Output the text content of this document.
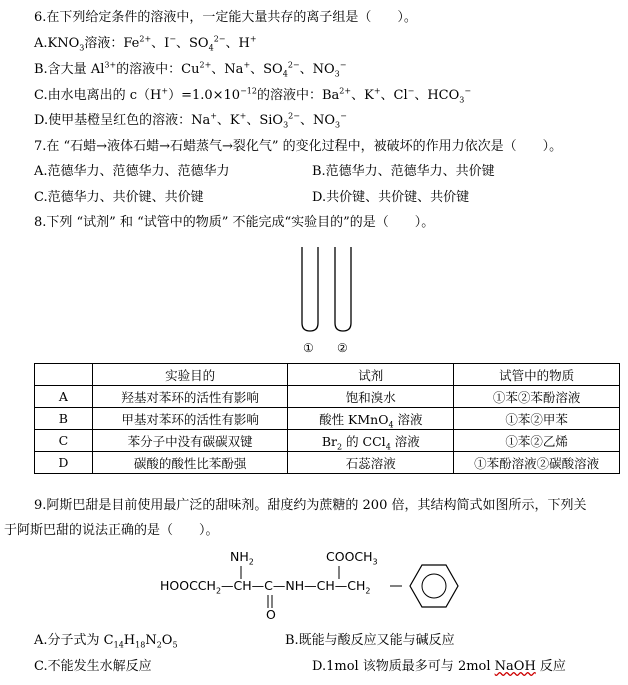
6.在下列给定条件的溶液中，一定能大量共存的离子组是（　　）。
$A.KNO_3$溶液：$Fe^{2+}$、I−、$SO_4^{2-}$、H+
B.含大量 $Al^{3+}$的溶液中：$Cu^{2+}$、Na+、$SO_4^{2-}$、$NO_3^-$
C.由水电离出的 $c(H^+)=1.0\times 10^{-12}$的溶液中：$Ba^{2+}$、K+、Cl−、$HCO_3^-$
D.使甲基橙呈红色的溶液：Na+、K+、SiO$_3^{2-}$、$NO_3^-$
7.在 “石蜡→液体石蜡→石蜡蒸气→裂化气” 的变化过程中，被破坏的作用力依次是（　　）。
A.范德华力、范德华力、范德华力	B.范德华力、范德华力、共价键
C.范德华力、共价键、共价键	D.共价键、共价键、共价键
8.下列 “试剂” 和 “试管中的物质” 不能完成“实验目的”的是（　　）。
① ②
	实验目的	试剂	试管中的物质
A	羟基对苯环的活性有影响	饱和溴水	①苯②苯酚溶液
B	甲基对苯环的活性有影响	酸性 KMnO$_4$ 溶液	①苯②甲苯
C	苯分子中没有碳碳双键	$Br_2$ 的 CCl$_4$ 溶液	①苯②乙烯
D	碳酸的酸性比苯酚强	石蕊溶液	①苯酚溶液②碳酸溶液
9.阿斯巴甜是目前使用最广泛的甜味剂。甜度约为蔗糖的 200 倍，其结构简式如图所示，下列关
于阿斯巴甜的说法正确的是（　　）。
$NH_2$	$COOCH_3$
$HOOCCH_2—CH—C—NH—CH—CH_2$
O
A.分子式为 $C_{14}H_{18}N_2O_5$	B.既能与酸反应又能与碱反应
C.不能发生水解反应	D.1mol 该物质最多可与 2mol NaOH 反应
